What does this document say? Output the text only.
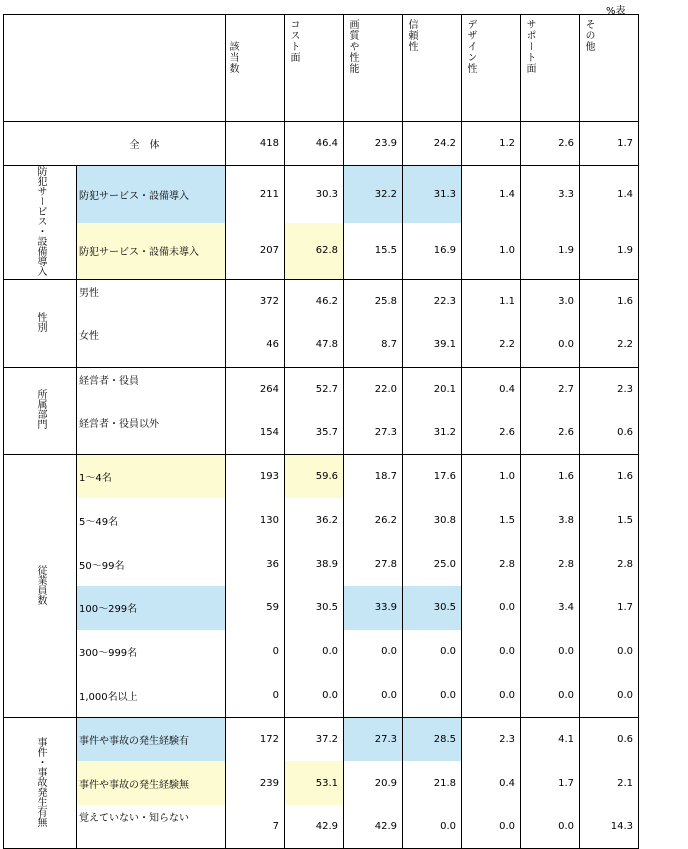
%表
		該当数	コスト面	画質や性能	信頼性	デザイン性	サポート面	その他
全　体		418	46.4	23.9	24.2	1.2	2.6	1.7
防犯サービス・設備導入	防犯サービス・設備導入	211	30.3	32.2	31.3	1.4	3.3	1.4
	防犯サービス・設備未導入	207	62.8	15.5	16.9	1.0	1.9	1.9
性別	男性	372	46.2	25.8	22.3	1.1	3.0	1.6
	女性	46	47.8	8.7	39.1	2.2	0.0	2.2
所属部門	経営者・役員	264	52.7	22.0	20.1	0.4	2.7	2.3
	経営者・役員以外	154	35.7	27.3	31.2	2.6	2.6	0.6
従業員数	1～4名	193	59.6	18.7	17.6	1.0	1.6	1.6
	5～49名	130	36.2	26.2	30.8	1.5	3.8	1.5
	50～99名	36	38.9	27.8	25.0	2.8	2.8	2.8
	100～299名	59	30.5	33.9	30.5	0.0	3.4	1.7
	300～999名	0	0.0	0.0	0.0	0.0	0.0	0.0
	1,000名以上	0	0.0	0.0	0.0	0.0	0.0	0.0
事件・事故発生有無	事件や事故の発生経験有	172	37.2	27.3	28.5	2.3	4.1	0.6
	事件や事故の発生経験無	239	53.1	20.9	21.8	0.4	1.7	2.1
	覚えていない・知らない	7	42.9	42.9	0.0	0.0	0.0	14.3
